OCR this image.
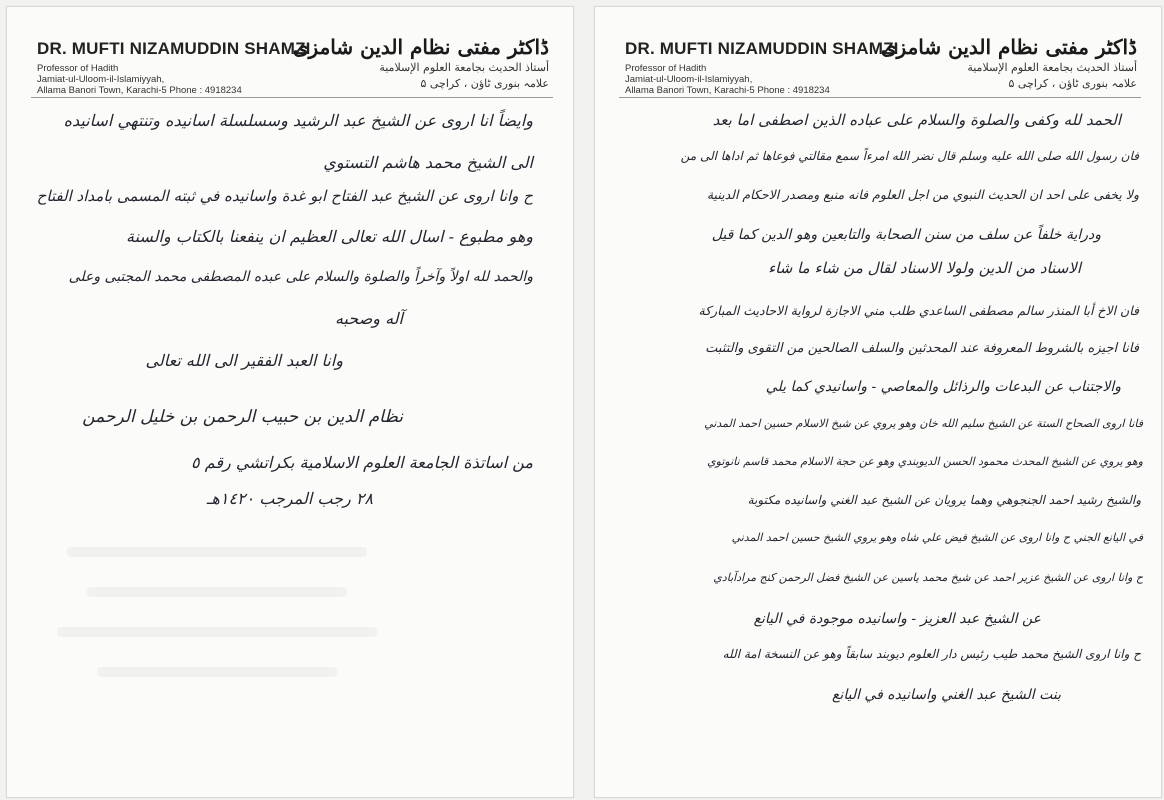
DR. MUFTI NIZAMUDDIN SHAMZI
Professor of Hadith
Jamiat-ul-Uloom-il-Islamiyyah,
Allama Banori Town, Karachi-5 Phone : 4918234
ڈاکٹر مفتی نظام الدین شامزی
أستاذ الحديث بجامعة العلوم الإسلامية
علامہ بنوری ٹاؤن ، کراچی ۵
وايضاً انا اروی عن الشيخ عبد الرشيد وسسلسلة اسانيده وتنتهي اسانيده
الى الشيخ محمد هاشم التستوي
ح وانا اروی عن الشيخ عبد الفتاح ابو غدة واسانيده في ثبته المسمى بامداد الفتاح
وهو مطبوع - اسال الله تعالى العظيم ان ينفعنا بالكتاب والسنة
والحمد لله اولاً وآخراً والصلوة والسلام على عبده المصطفى محمد المجتبى وعلى
آله وصحبه
وانا العبد الفقير الى الله تعالى
نظام الدين بن حبيب الرحمن بن خليل الرحمن
من اساتذة الجامعة العلوم الاسلامية بكراتشي رقم ٥
٢٨ رجب المرجب ١٤٢٠هـ
DR. MUFTI NIZAMUDDIN SHAMZI
Professor of Hadith
Jamiat-ul-Uloom-il-Islamiyyah,
Allama Banori Town, Karachi-5 Phone : 4918234
ڈاکٹر مفتی نظام الدین شامزی
أستاذ الحديث بجامعة العلوم الإسلامية
علامہ بنوری ٹاؤن ، کراچی ۵
الحمد لله وكفى والصلوة والسلام على عباده الذين اصطفى اما بعد
فان رسول الله صلى الله عليه وسلم قال نضر الله امرءاً سمع مقالتي فوعاها ثم اداها الى من
ولا يخفى على احد ان الحديث النبوي من اجل العلوم فانه منبع ومصدر الاحكام الدينية
ودراية خلفاً عن سلف من سنن الصحابة والتابعين وهو الدين كما قيل
الاسناد من الدين ولولا الاسناد لقال من شاء ما شاء
فان الاخ أبا المنذر سالم مصطفى الساعدي طلب مني الاجازة لرواية الاحاديث المباركة
فانا اجيزه بالشروط المعروفة عند المحدثين والسلف الصالحين من التقوى والتثبت
والاجتناب عن البدعات والرذائل والمعاصي - واسانيدي كما يلي
فانا اروی الصحاح الستة عن الشيخ سليم الله خان وهو يروي عن شيخ الاسلام حسين احمد المدني
وهو يروي عن الشيخ المحدث محمود الحسن الديوبندي وهو عن حجة الاسلام محمد قاسم نانوتوي
والشيخ رشيد احمد الجنجوهي وهما يرويان عن الشيخ عبد الغني واسانيده مكتوبة
في اليانع الجني ح وانا اروی عن الشيخ فيض علي شاه وهو يروي الشيخ حسين احمد المدني
ح وانا اروی عن الشيخ عزير احمد عن شيخ محمد ياسين عن الشيخ فضل الرحمن كنج مرادآبادي
عن الشيخ عبد العزيز - واسانيده موجودة في اليانع
ح وانا اروی الشيخ محمد طيب رئيس دار العلوم ديوبند سابقاً وهو عن النسخة امة الله
بنت الشيخ عبد الغني واسانيده في اليانع
